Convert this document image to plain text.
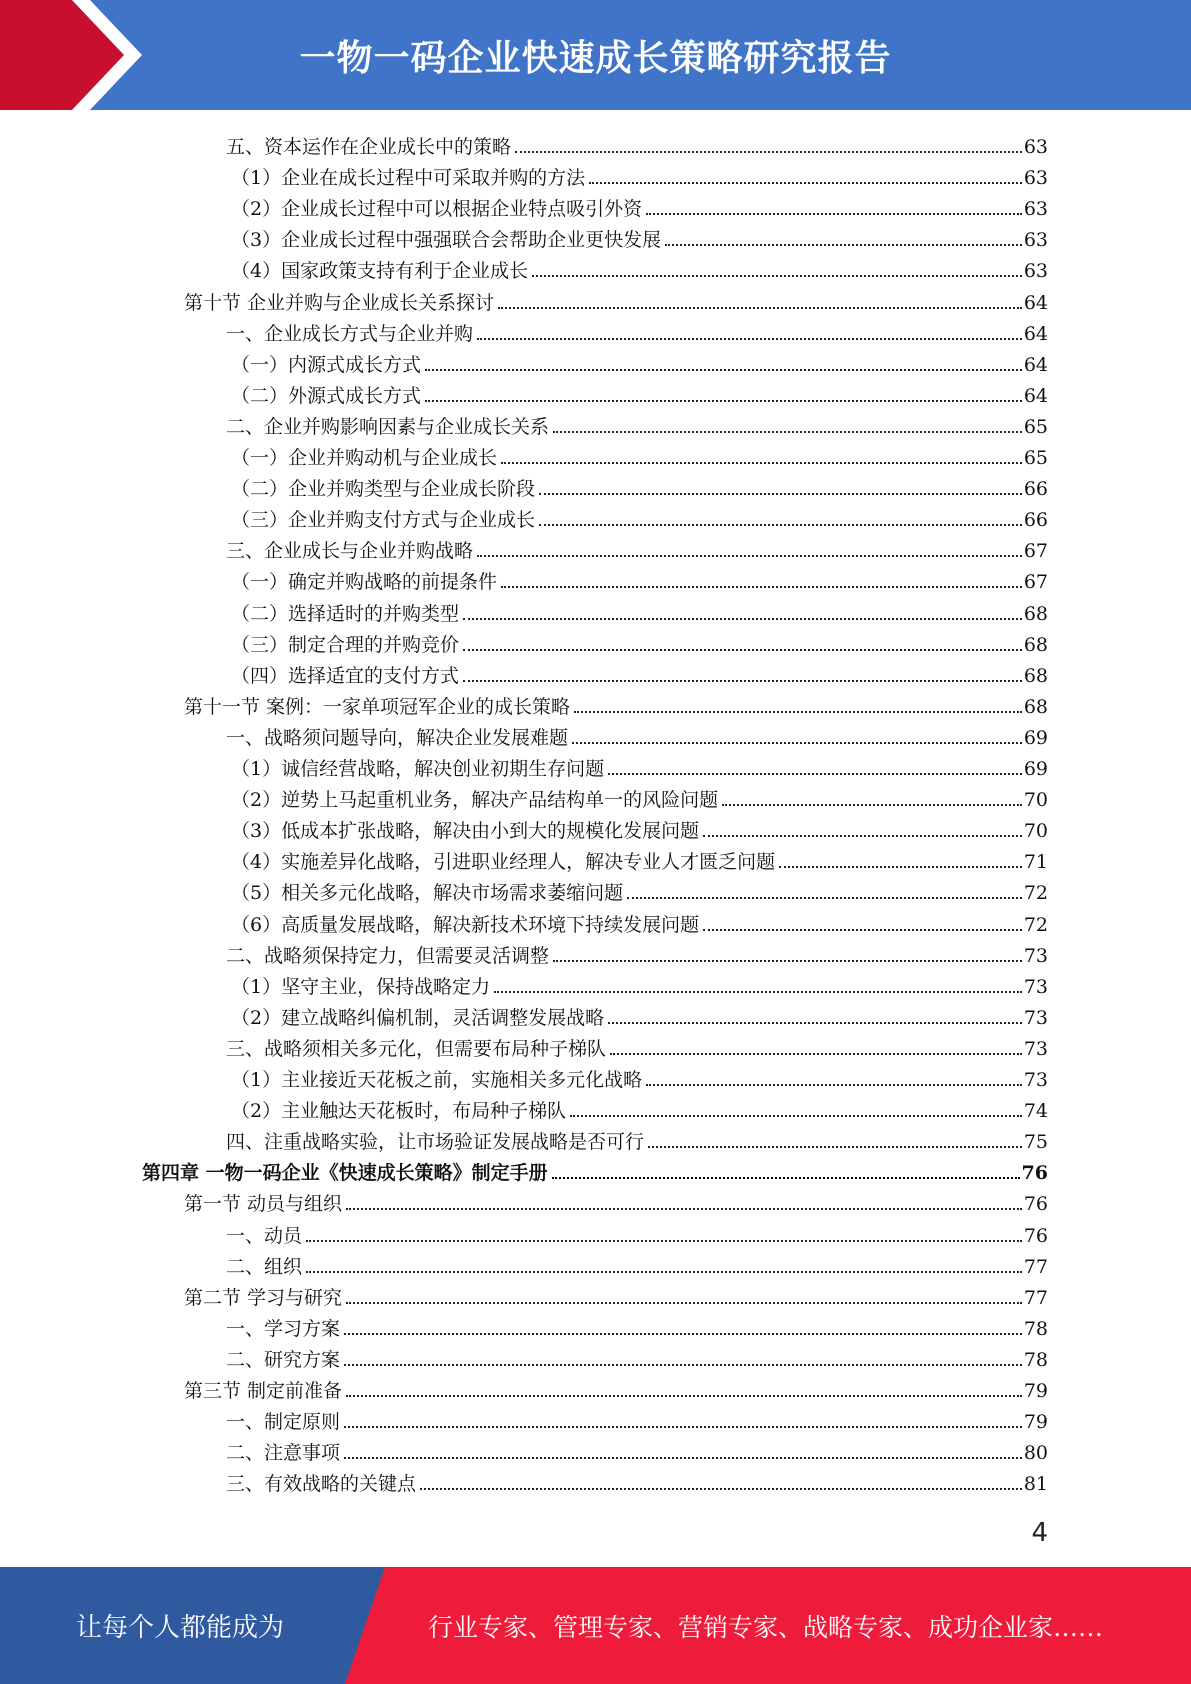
一物一码企业快速成长策略研究报告
五、资本运作在企业成长中的策略	63
（1）企业在成长过程中可采取并购的方法	63
（2）企业成长过程中可以根据企业特点吸引外资	63
（3）企业成长过程中强强联合会帮助企业更快发展	63
（4）国家政策支持有利于企业成长	63
第十节 企业并购与企业成长关系探讨	64
一、企业成长方式与企业并购	64
（一）内源式成长方式	64
（二）外源式成长方式	64
二、企业并购影响因素与企业成长关系	65
（一）企业并购动机与企业成长	65
（二）企业并购类型与企业成长阶段	66
（三）企业并购支付方式与企业成长	66
三、企业成长与企业并购战略	67
（一）确定并购战略的前提条件	67
（二）选择适时的并购类型	68
（三）制定合理的并购竞价	68
（四）选择适宜的支付方式	68
第十一节 案例：一家单项冠军企业的成长策略	68
一、战略须问题导向，解决企业发展难题	69
（1）诚信经营战略，解决创业初期生存问题	69
（2）逆势上马起重机业务，解决产品结构单一的风险问题	70
（3）低成本扩张战略，解决由小到大的规模化发展问题	70
（4）实施差异化战略，引进职业经理人，解决专业人才匮乏问题	71
（5）相关多元化战略，解决市场需求萎缩问题	72
（6）高质量发展战略，解决新技术环境下持续发展问题	72
二、战略须保持定力，但需要灵活调整	73
（1）坚守主业，保持战略定力	73
（2）建立战略纠偏机制，灵活调整发展战略	73
三、战略须相关多元化，但需要布局种子梯队	73
（1）主业接近天花板之前，实施相关多元化战略	73
（2）主业触达天花板时，布局种子梯队	74
四、注重战略实验，让市场验证发展战略是否可行	75
第四章 一物一码企业《快速成长策略》制定手册	76
第一节 动员与组织	76
一、动员	76
二、组织	77
第二节 学习与研究	77
一、学习方案	78
二、研究方案	78
第三节 制定前准备	79
一、制定原则	79
二、注意事项	80
三、有效战略的关键点	81
4
让每个人都能成为	行业专家、管理专家、营销专家、战略专家、成功企业家……
